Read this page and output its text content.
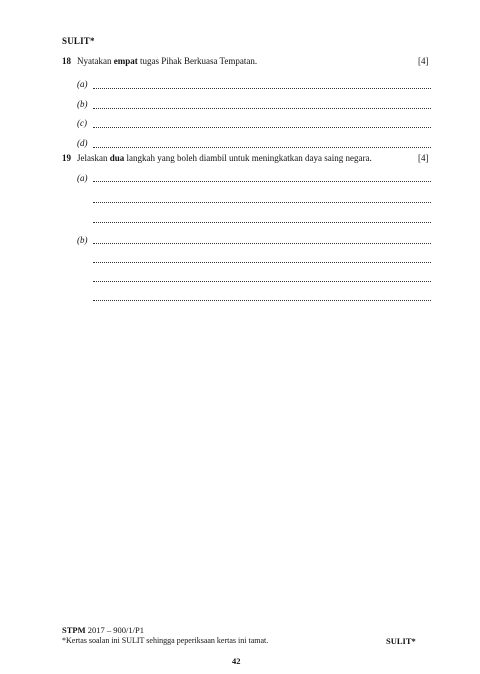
SULIT*
18 Nyatakan empat tugas Pihak Berkuasa Tempatan.	[4]
(a)
(b)
(c)
(d)
19 Jelaskan dua langkah yang boleh diambil untuk meningkatkan daya saing negara.	[4]
(a)
(b)
STPM 2017 – 900/1/P1
*Kertas soalan ini SULIT sehingga peperiksaan kertas ini tamat.	SULIT*
42
